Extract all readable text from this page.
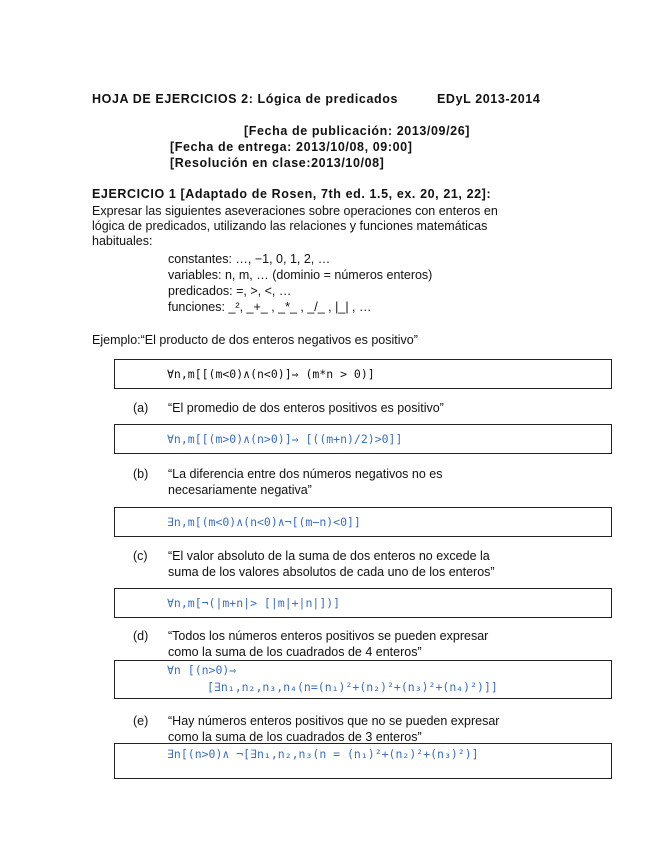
HOJA DE EJERCICIOS 2: Lógica de predicados	EDyL 2013-2014
[Fecha de publicación: 2013/09/26]
[Fecha de entrega: 2013/10/08, 09:00]
[Resolución en clase:2013/10/08]
EJERCICIO 1 [Adaptado de Rosen, 7th ed. 1.5, ex. 20, 21, 22]:
Expresar las siguientes aseveraciones sobre operaciones con enteros en
lógica de predicados, utilizando las relaciones y funciones matemáticas
habituales:
constantes: …, −1, 0, 1, 2, …
variables: n, m, … (dominio = números enteros)
predicados: =, >, <, …
funciones: _², _+_ , _*_ , _/_ , |_| , …
Ejemplo:“El producto de dos enteros negativos es positivo”
∀n,m[[(m<0)∧(n<0)]⇒ (m*n > 0)]
(a) “El promedio de dos enteros positivos es positivo”
∀n,m[[(m>0)∧(n>0)]⇒ [((m+n)/2)>0]]
(b) “La diferencia entre dos números negativos no es
necesariamente negativa”
∃n,m[(m<0)∧(n<0)∧¬[(m−n)<0]]
(c) “El valor absoluto de la suma de dos enteros no excede la
suma de los valores absolutos de cada uno de los enteros”
∀n,m[¬(|m+n|> [|m|+|n|])]
(d) “Todos los números enteros positivos se pueden expresar
como la suma de los cuadrados de 4 enteros”
∀n [(n>0)⇒
[∃n₁,n₂,n₃,n₄(n=(n₁)²+(n₂)²+(n₃)²+(n₄)²)]]
(e) “Hay números enteros positivos que no se pueden expresar
como la suma de los cuadrados de 3 enteros”
∃n[(n>0)∧ ¬[∃n₁,n₂,n₃(n = (n₁)²+(n₂)²+(n₃)²)]
